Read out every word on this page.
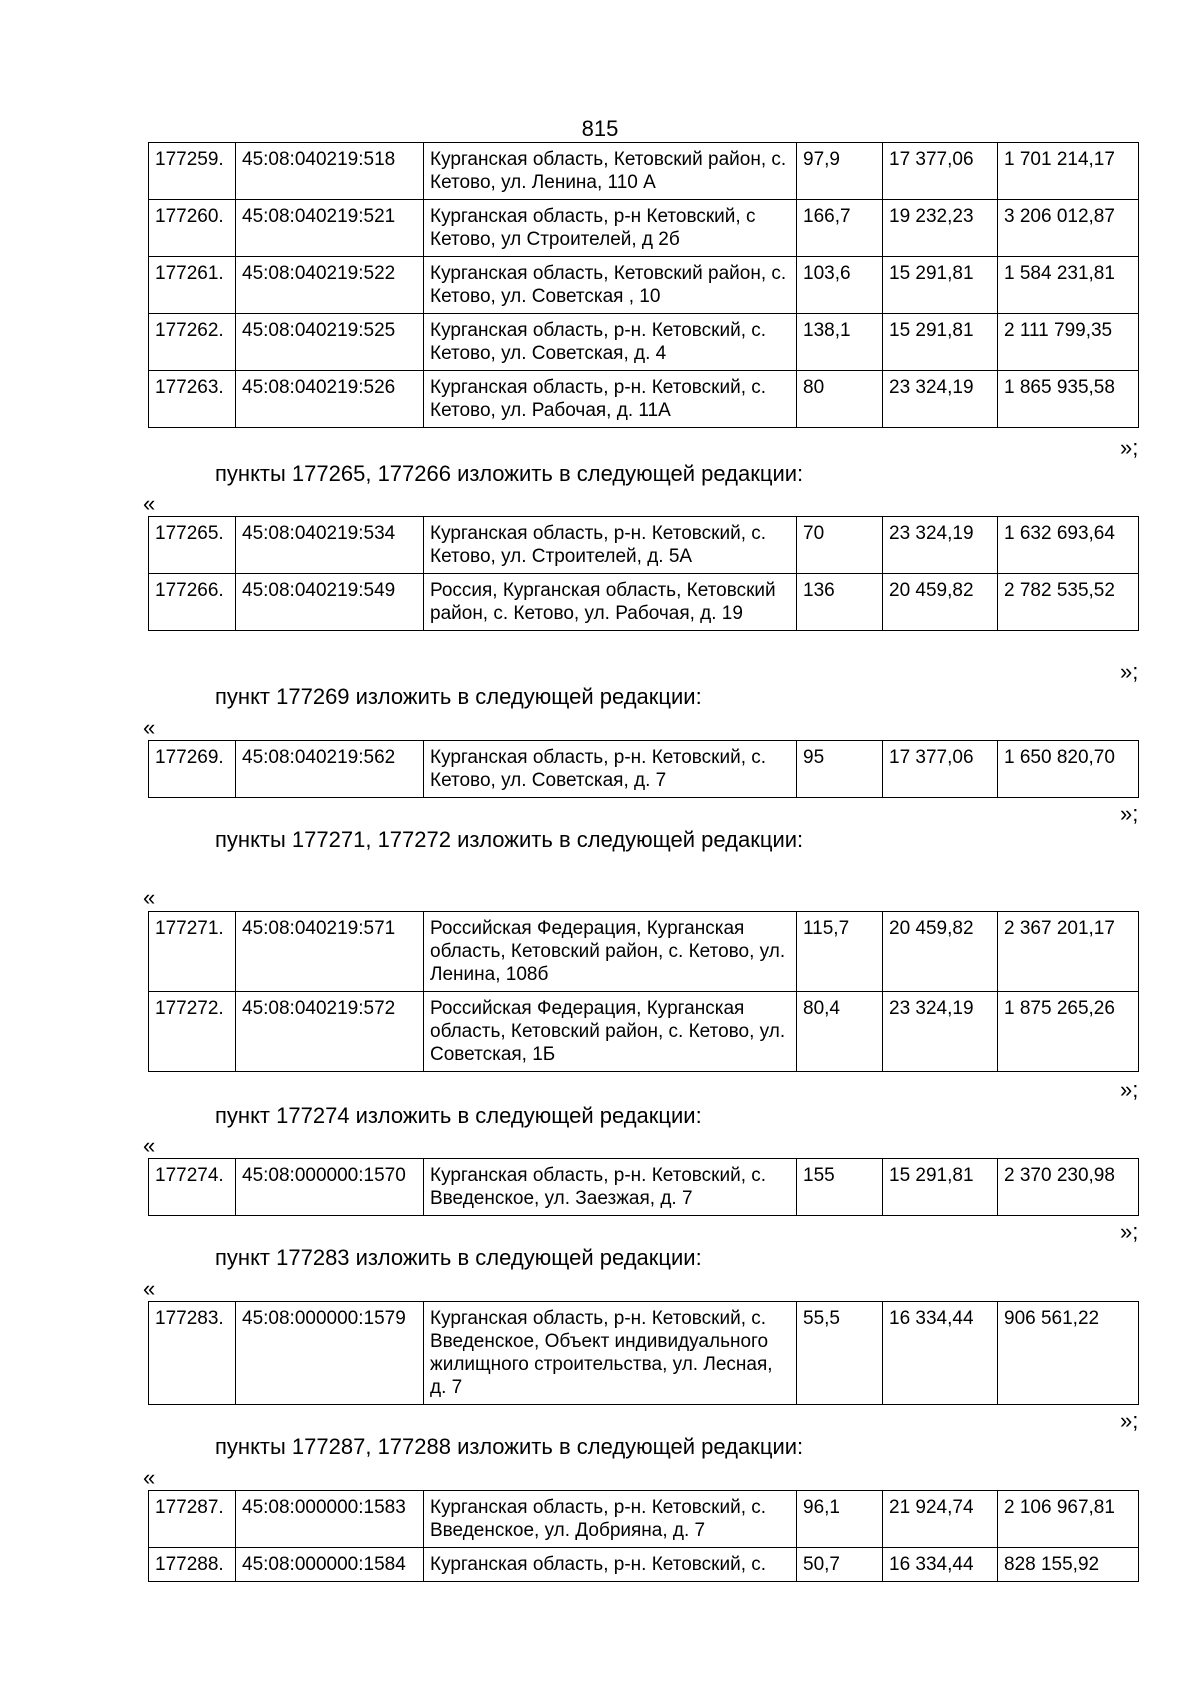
815
177259.	45:08:040219:518	Курганская область, Кетовский район, с. Кетово, ул. Ленина, 110 А	97,9	17 377,06	1 701 214,17
177260.	45:08:040219:521	Курганская область, р-н Кетовский, с Кетово, ул Строителей, д 2б	166,7	19 232,23	3 206 012,87
177261.	45:08:040219:522	Курганская область, Кетовский район, с. Кетово, ул. Советская , 10	103,6	15 291,81	1 584 231,81
177262.	45:08:040219:525	Курганская область, р-н. Кетовский, с. Кетово, ул. Советская, д. 4	138,1	15 291,81	2 111 799,35
177263.	45:08:040219:526	Курганская область, р-н. Кетовский, с. Кетово, ул. Рабочая, д. 11А	80	23 324,19	1 865 935,58
»;
пункты 177265, 177266 изложить в следующей редакции:
«
177265.	45:08:040219:534	Курганская область, р-н. Кетовский, с. Кетово, ул. Строителей, д. 5А	70	23 324,19	1 632 693,64
177266.	45:08:040219:549	Россия, Курганская область, Кетовский район, с. Кетово, ул. Рабочая, д. 19	136	20 459,82	2 782 535,52
»;
пункт 177269 изложить в следующей редакции:
«
177269.	45:08:040219:562	Курганская область, р-н. Кетовский, с. Кетово, ул. Советская, д. 7	95	17 377,06	1 650 820,70
»;
пункты 177271, 177272 изложить в следующей редакции:
«
177271.	45:08:040219:571	Российская Федерация, Курганская область, Кетовский район, с. Кетово, ул. Ленина, 108б	115,7	20 459,82	2 367 201,17
177272.	45:08:040219:572	Российская Федерация, Курганская область, Кетовский район, с. Кетово, ул. Советская, 1Б	80,4	23 324,19	1 875 265,26
»;
пункт 177274 изложить в следующей редакции:
«
177274.	45:08:000000:1570	Курганская область, р-н. Кетовский, с. Введенское, ул. Заезжая, д. 7	155	15 291,81	2 370 230,98
»;
пункт 177283 изложить в следующей редакции:
«
177283.	45:08:000000:1579	Курганская область, р-н. Кетовский, с. Введенское, Объект индивидуального жилищного строительства, ул. Лесная, д. 7	55,5	16 334,44	906 561,22
»;
пункты 177287, 177288 изложить в следующей редакции:
«
177287.	45:08:000000:1583	Курганская область, р-н. Кетовский, с. Введенское, ул. Добрияна, д. 7	96,1	21 924,74	2 106 967,81
177288.	45:08:000000:1584	Курганская область, р-н. Кетовский, с.	50,7	16 334,44	828 155,92
